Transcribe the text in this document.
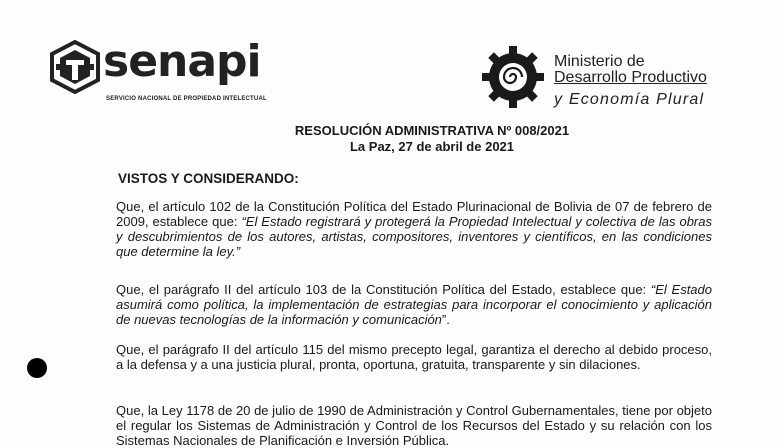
senapi
SERVICIO NACIONAL DE PROPIEDAD INTELECTUAL
Ministerio de
Desarrollo Productivo
y Economía Plural
RESOLUCIÓN ADMINISTRATIVA Nº 008/2021
La Paz, 27 de abril de 2021
VISTOS Y CONSIDERANDO:
Que, el artículo 102 de la Constitución Política del Estado Plurinacional de Bolivia de 07 de febrero de 2009, establece que: “El Estado registrará y protegerá la Propiedad Intelectual y colectiva de las obras y descubrimientos de los autores, artistas, compositores, inventores y científicos, en las condiciones que determine la ley.”
Que, el parágrafo II del artículo 103 de la Constitución Política del Estado, establece que: “El Estado asumirá como política, la implementación de estrategias para incorporar el conocimiento y aplicación de nuevas tecnologías de la información y comunicación”.
Que, el parágrafo II del artículo 115 del mismo precepto legal, garantiza el derecho al debido proceso, a la defensa y a una justicia plural, pronta, oportuna, gratuita, transparente y sin dilaciones.
Que, la Ley 1178 de 20 de julio de 1990 de Administración y Control Gubernamentales, tiene por objeto el regular los Sistemas de Administración y Control de los Recursos del Estado y su relación con los Sistemas Nacionales de Planificación e Inversión Pública.
